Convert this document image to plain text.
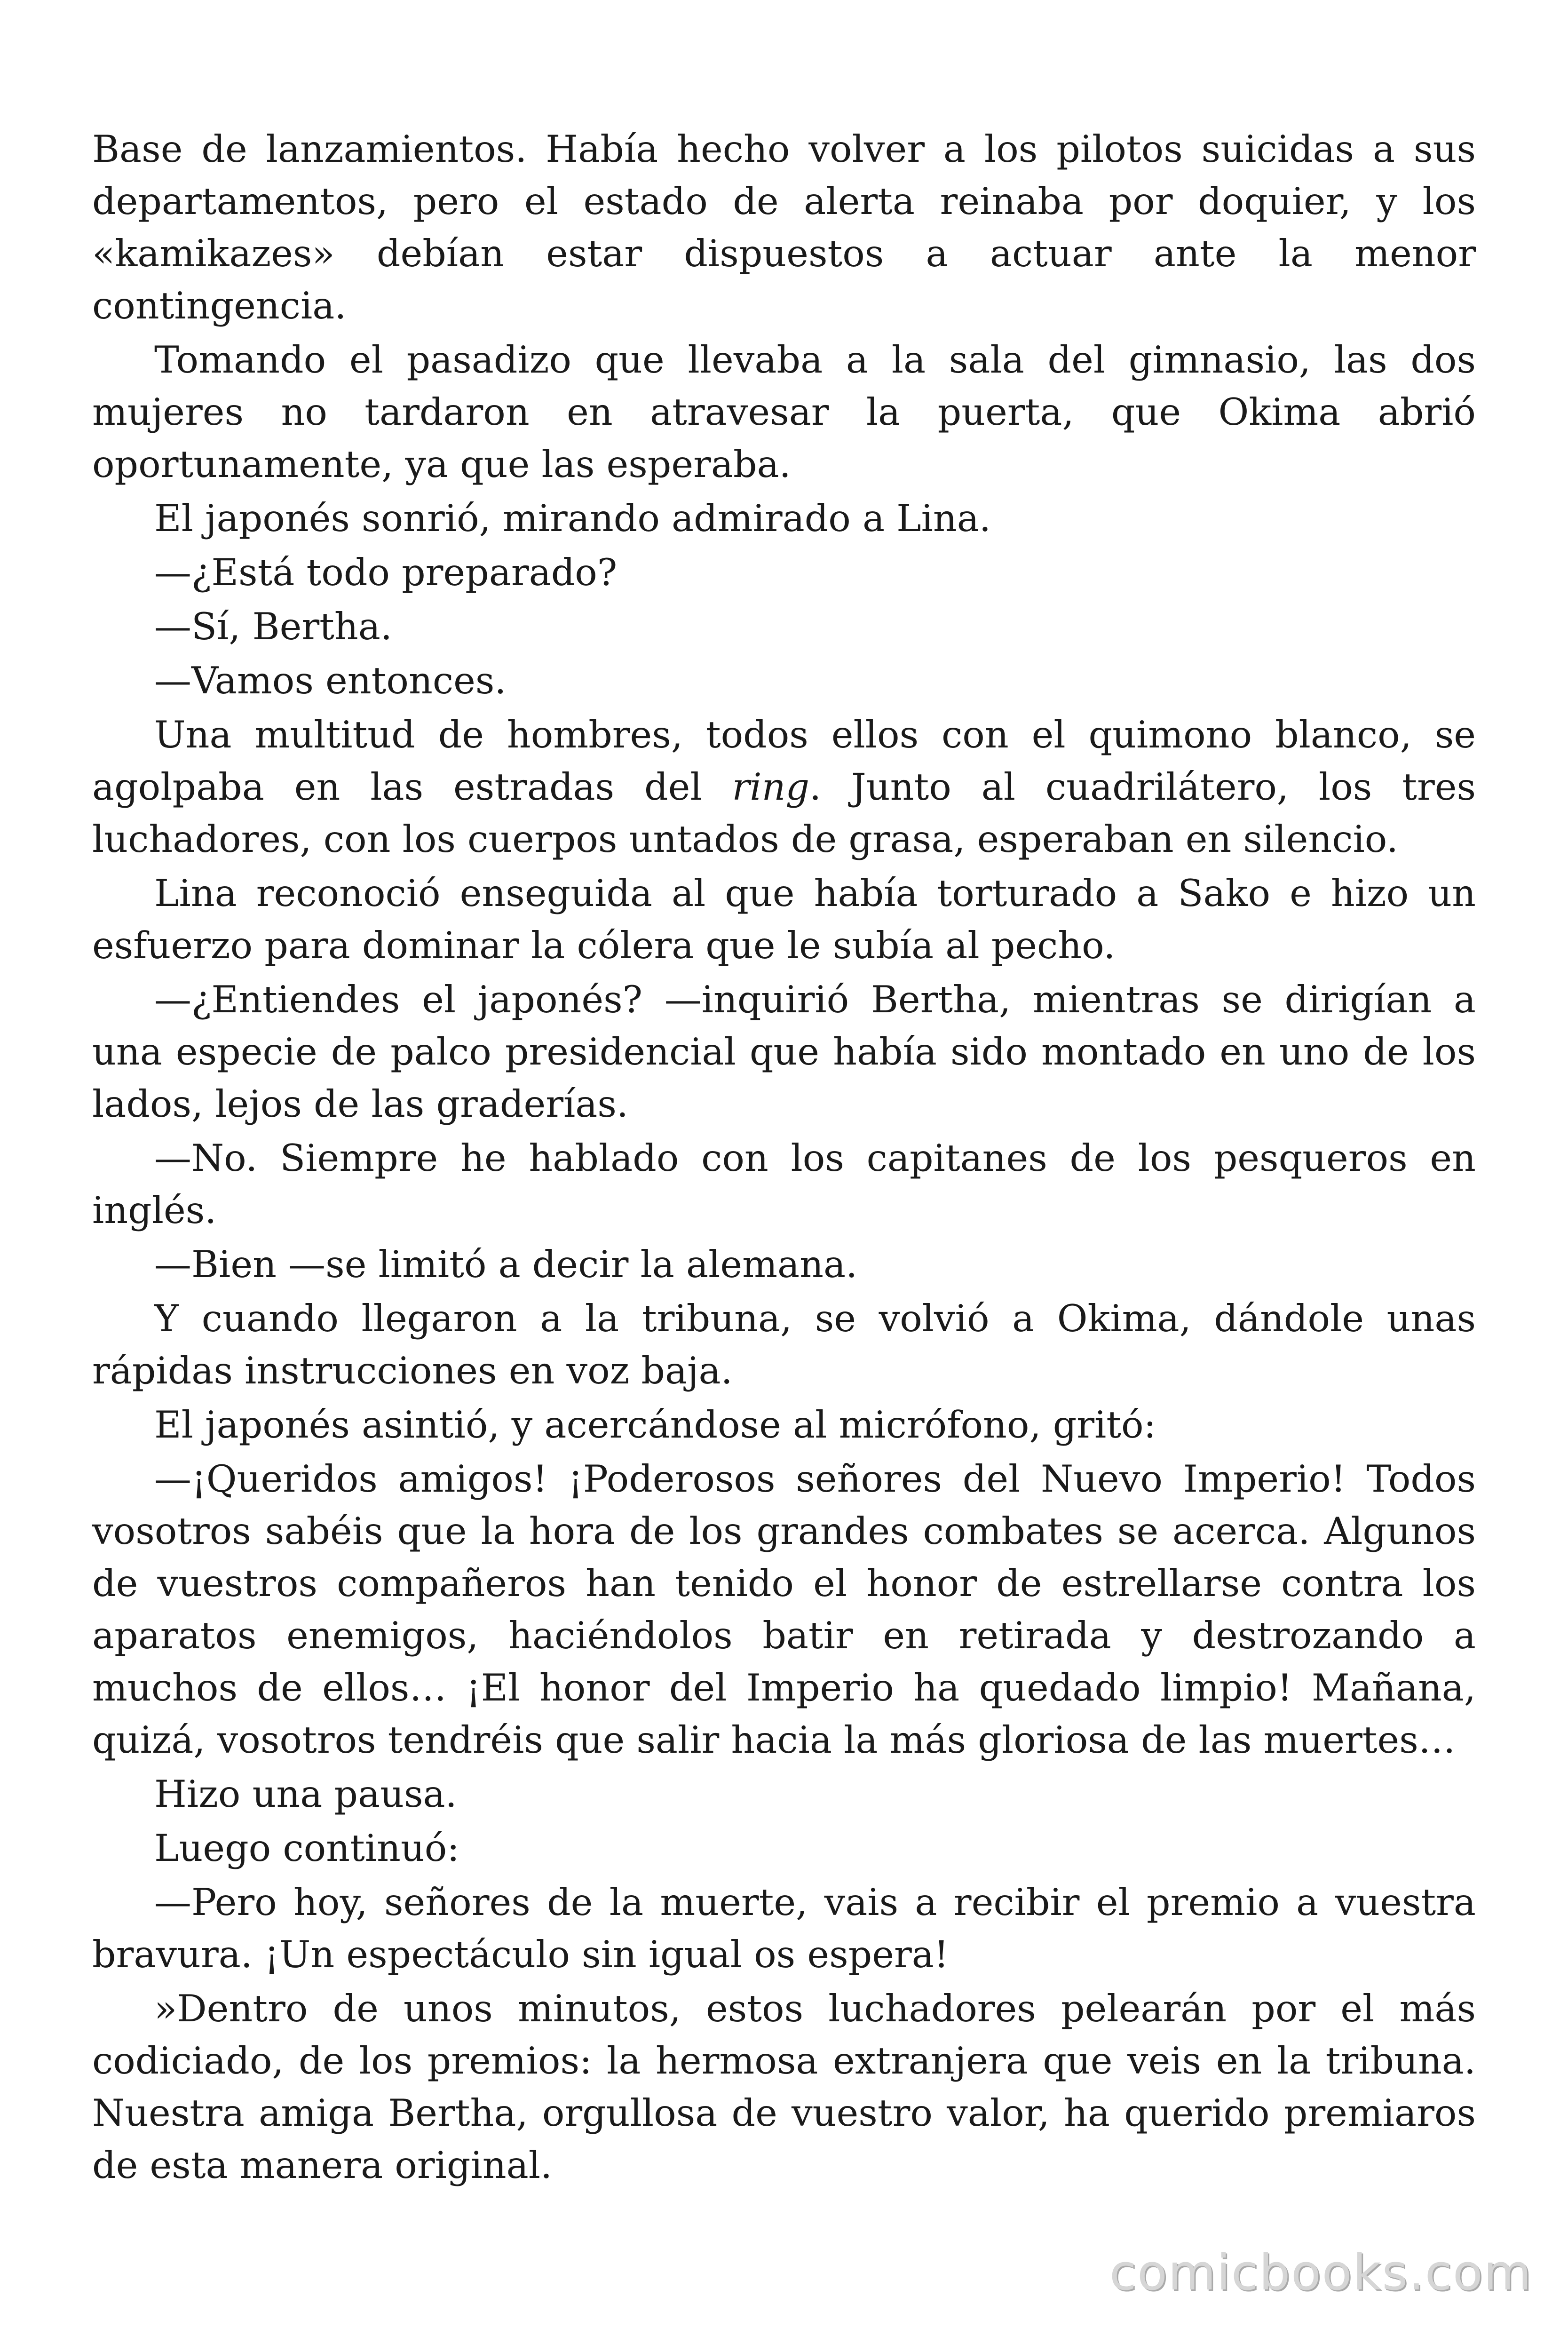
Base de lanzamientos. Había hecho volver a los pilotos suicidas a sus departamentos, pero el estado de alerta reinaba por doquier, y los «kamikazes» debían estar dispuestos a actuar ante la menor contingencia.

Tomando el pasadizo que llevaba a la sala del gimnasio, las dos mujeres no tardaron en atravesar la puerta, que Okima abrió oportunamente, ya que las esperaba.

El japonés sonrió, mirando admirado a Lina.

—¿Está todo preparado?

—Sí, Bertha.

—Vamos entonces.

Una multitud de hombres, todos ellos con el quimono blanco, se agolpaba en las estradas del ring. Junto al cuadrilátero, los tres luchadores, con los cuerpos untados de grasa, esperaban en silencio.

Lina reconoció enseguida al que había torturado a Sako e hizo un esfuerzo para dominar la cólera que le subía al pecho.

—¿Entiendes el japonés? —inquirió Bertha, mientras se dirigían a una especie de palco presidencial que había sido montado en uno de los lados, lejos de las graderías.

—No. Siempre he hablado con los capitanes de los pesqueros en inglés.

—Bien —se limitó a decir la alemana.

Y cuando llegaron a la tribuna, se volvió a Okima, dándole unas rápidas instrucciones en voz baja.

El japonés asintió, y acercándose al micrófono, gritó:

—¡Queridos amigos! ¡Poderosos señores del Nuevo Imperio! Todos vosotros sabéis que la hora de los grandes combates se acerca. Algunos de vuestros compañeros han tenido el honor de estrellarse contra los aparatos enemigos, haciéndolos batir en retirada y destrozando a muchos de ellos… ¡El honor del Imperio ha quedado limpio! Mañana, quizá, vosotros tendréis que salir hacia la más gloriosa de las muertes…

Hizo una pausa.

Luego continuó:

—Pero hoy, señores de la muerte, vais a recibir el premio a vuestra bravura. ¡Un espectáculo sin igual os espera!

»Dentro de unos minutos, estos luchadores pelearán por el más codiciado, de los premios: la hermosa extranjera que veis en la tribuna. Nuestra amiga Bertha, orgullosa de vuestro valor, ha querido premiaros de esta manera original.

comicbooks.com
